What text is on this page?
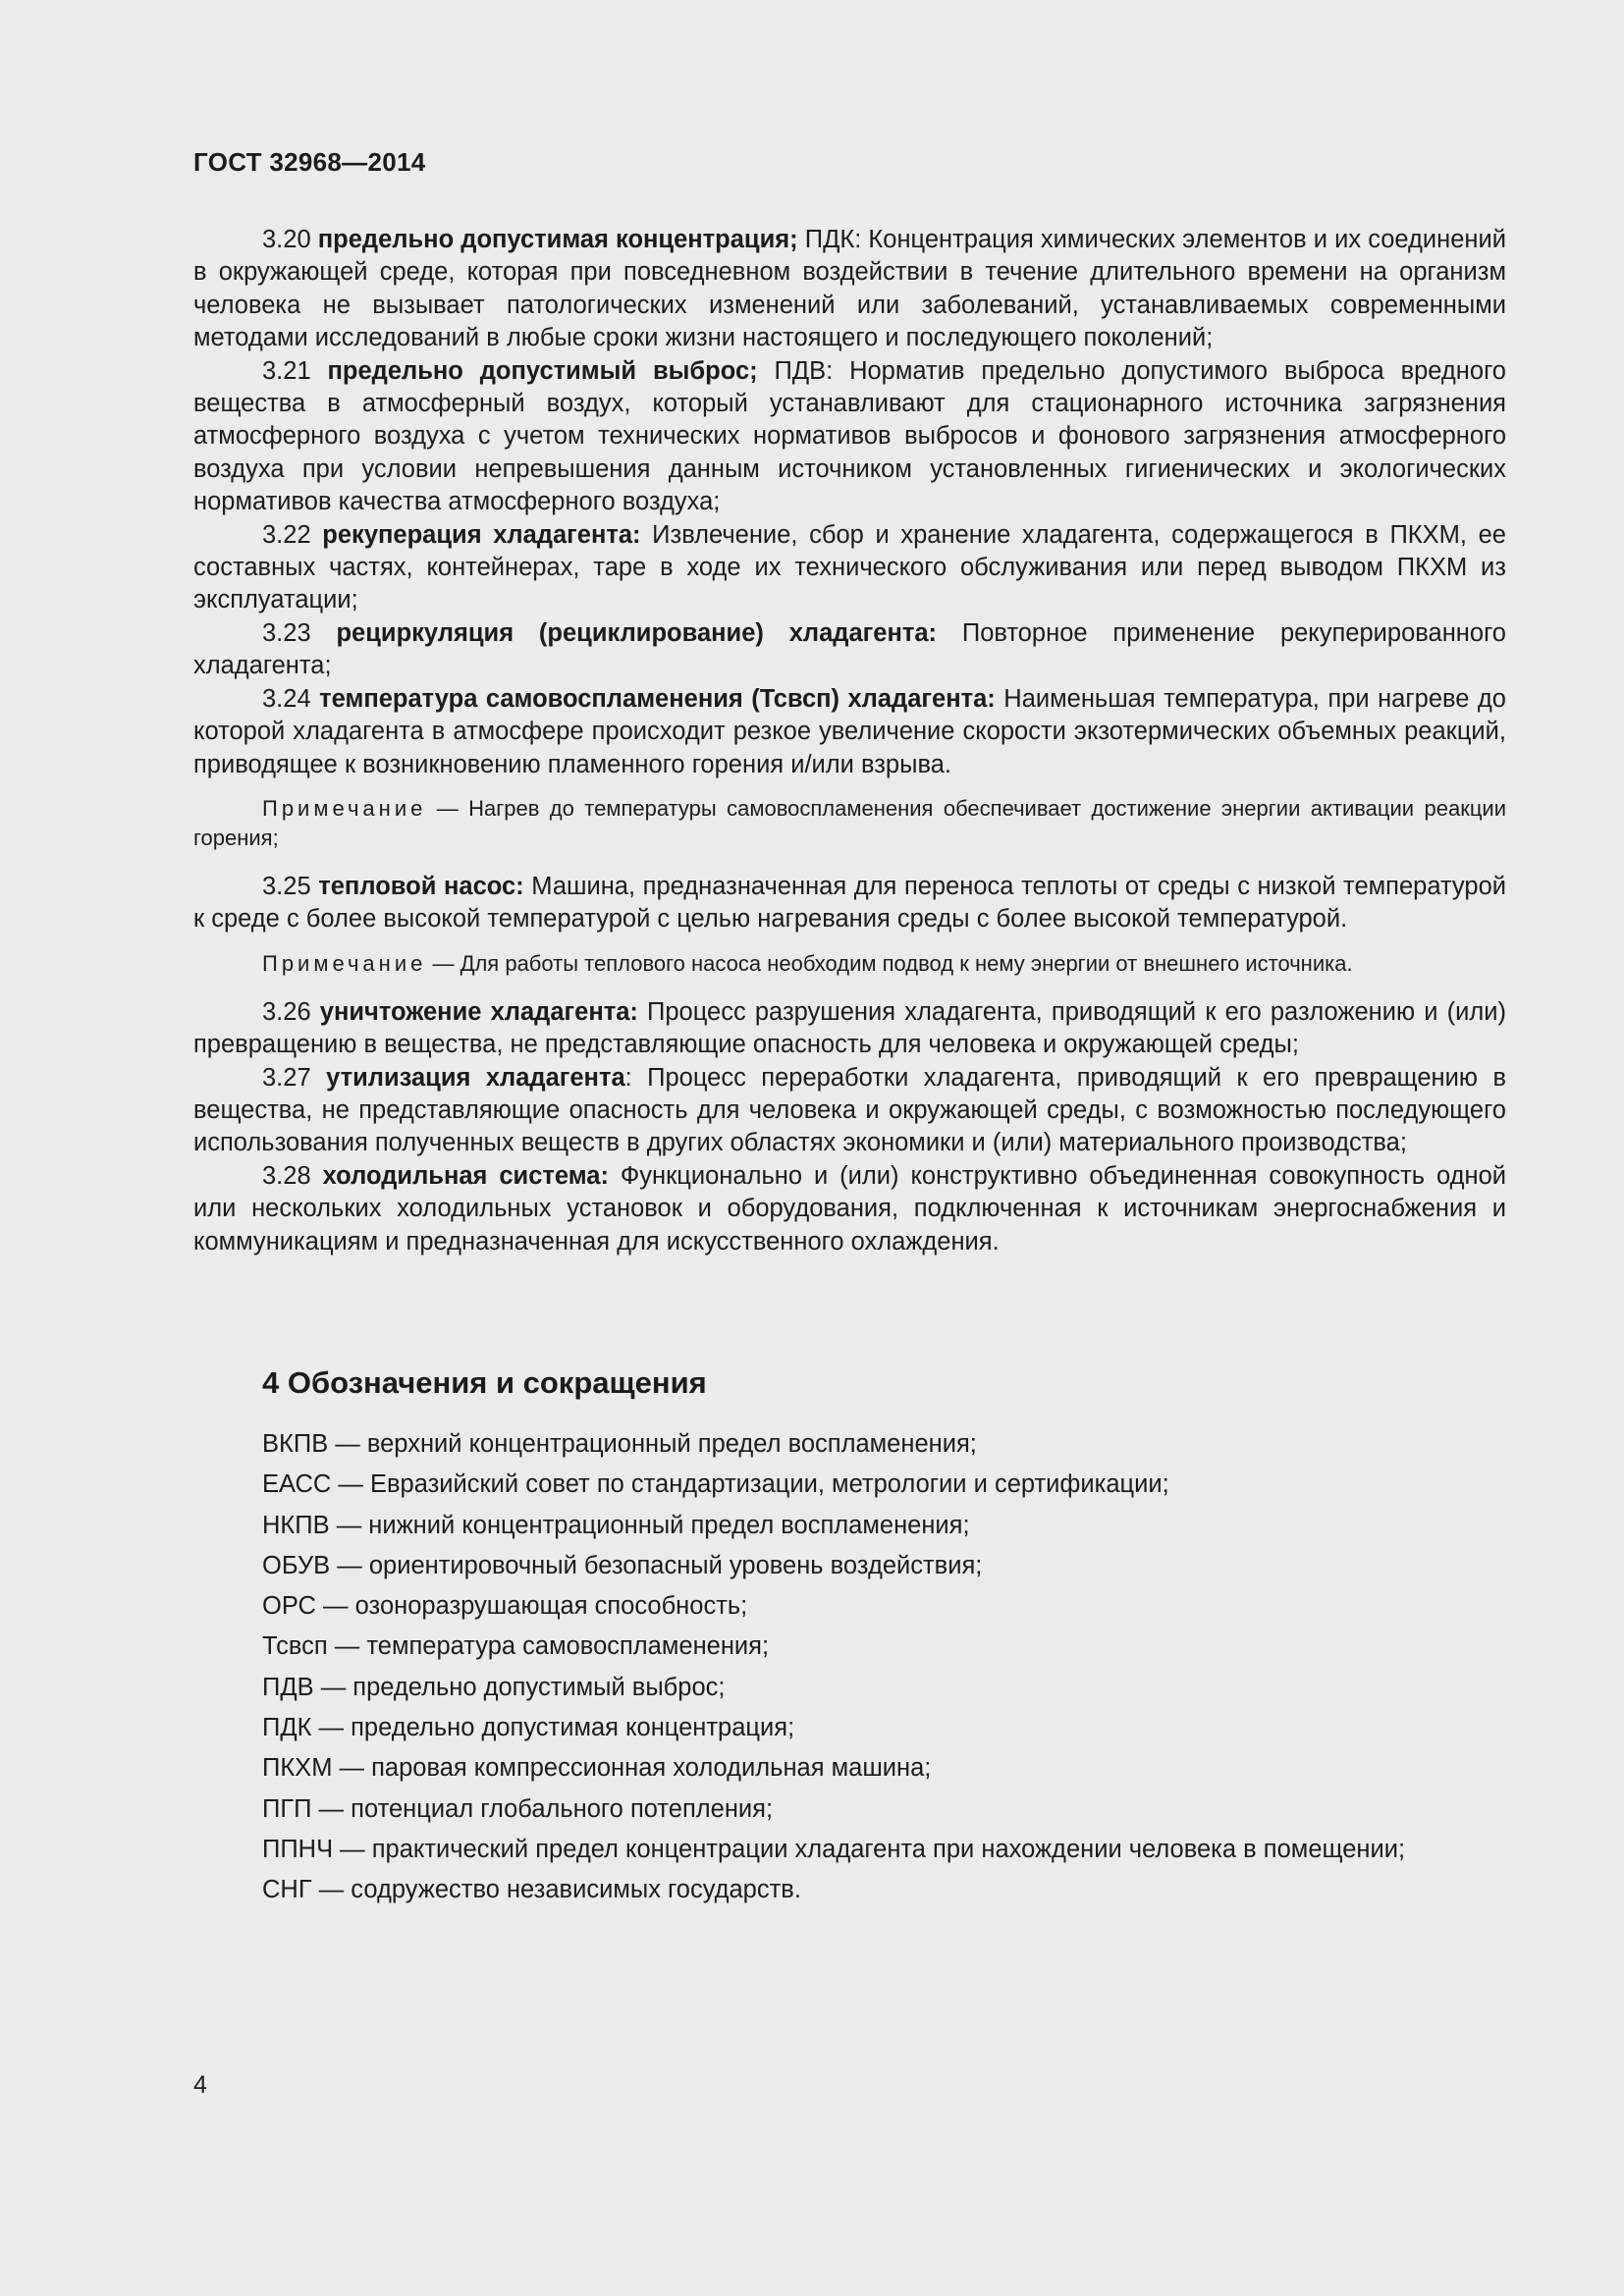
ГОСТ 32968—2014

3.20 предельно допустимая концентрация; ПДК: Концентрация химических элементов и их соединений в окружающей среде, которая при повседневном воздействии в течение длительного времени на организм человека не вызывает патологических изменений или заболеваний, устанавливаемых современными методами исследований в любые сроки жизни настоящего и последующего поколений;

3.21 предельно допустимый выброс; ПДВ: Норматив предельно допустимого выброса вредного вещества в атмосферный воздух, который устанавливают для стационарного источника загрязнения атмосферного воздуха с учетом технических нормативов выбросов и фонового загрязнения атмосферного воздуха при условии непревышения данным источником установленных гигиенических и экологических нормативов качества атмосферного воздуха;

3.22 рекуперация хладагента: Извлечение, сбор и хранение хладагента, содержащегося в ПКХМ, ее составных частях, контейнерах, таре в ходе их технического обслуживания или перед выводом ПКХМ из эксплуатации;

3.23 рециркуляция (рециклирование) хладагента: Повторное применение рекуперированного хладагента;

3.24 температура самовоспламенения (Тсвсп) хладагента: Наименьшая температура, при нагреве до которой хладагента в атмосфере происходит резкое увеличение скорости экзотермических объемных реакций, приводящее к возникновению пламенного горения и/или взрыва.

Примечание — Нагрев до температуры самовоспламенения обеспечивает достижение энергии активации реакции горения;

3.25 тепловой насос: Машина, предназначенная для переноса теплоты от среды с низкой температурой к среде с более высокой температурой с целью нагревания среды с более высокой температурой.

Примечание — Для работы теплового насоса необходим подвод к нему энергии от внешнего источника.

3.26 уничтожение хладагента: Процесс разрушения хладагента, приводящий к его разложению и (или) превращению в вещества, не представляющие опасность для человека и окружающей среды;

3.27 утилизация хладагента: Процесс переработки хладагента, приводящий к его превращению в вещества, не представляющие опасность для человека и окружающей среды, с возможностью последующего использования полученных веществ в других областях экономики и (или) материального производства;

3.28 холодильная система: Функционально и (или) конструктивно объединенная совокупность одной или нескольких холодильных установок и оборудования, подключенная к источникам энергоснабжения и коммуникациям и предназначенная для искусственного охлаждения.

4 Обозначения и сокращения
ВКПВ — верхний концентрационный предел воспламенения;
ЕАСС — Евразийский совет по стандартизации, метрологии и сертификации;
НКПВ — нижний концентрационный предел воспламенения;
ОБУВ — ориентировочный безопасный уровень воздействия;
ОРС — озоноразрушающая способность;
Тсвсп — температура самовоспламенения;
ПДВ — предельно допустимый выброс;
ПДК — предельно допустимая концентрация;
ПКХМ — паровая компрессионная холодильная машина;
ПГП — потенциал глобального потепления;
ППНЧ — практический предел концентрации хладагента при нахождении человека в помещении;
СНГ — содружество независимых государств.
4
